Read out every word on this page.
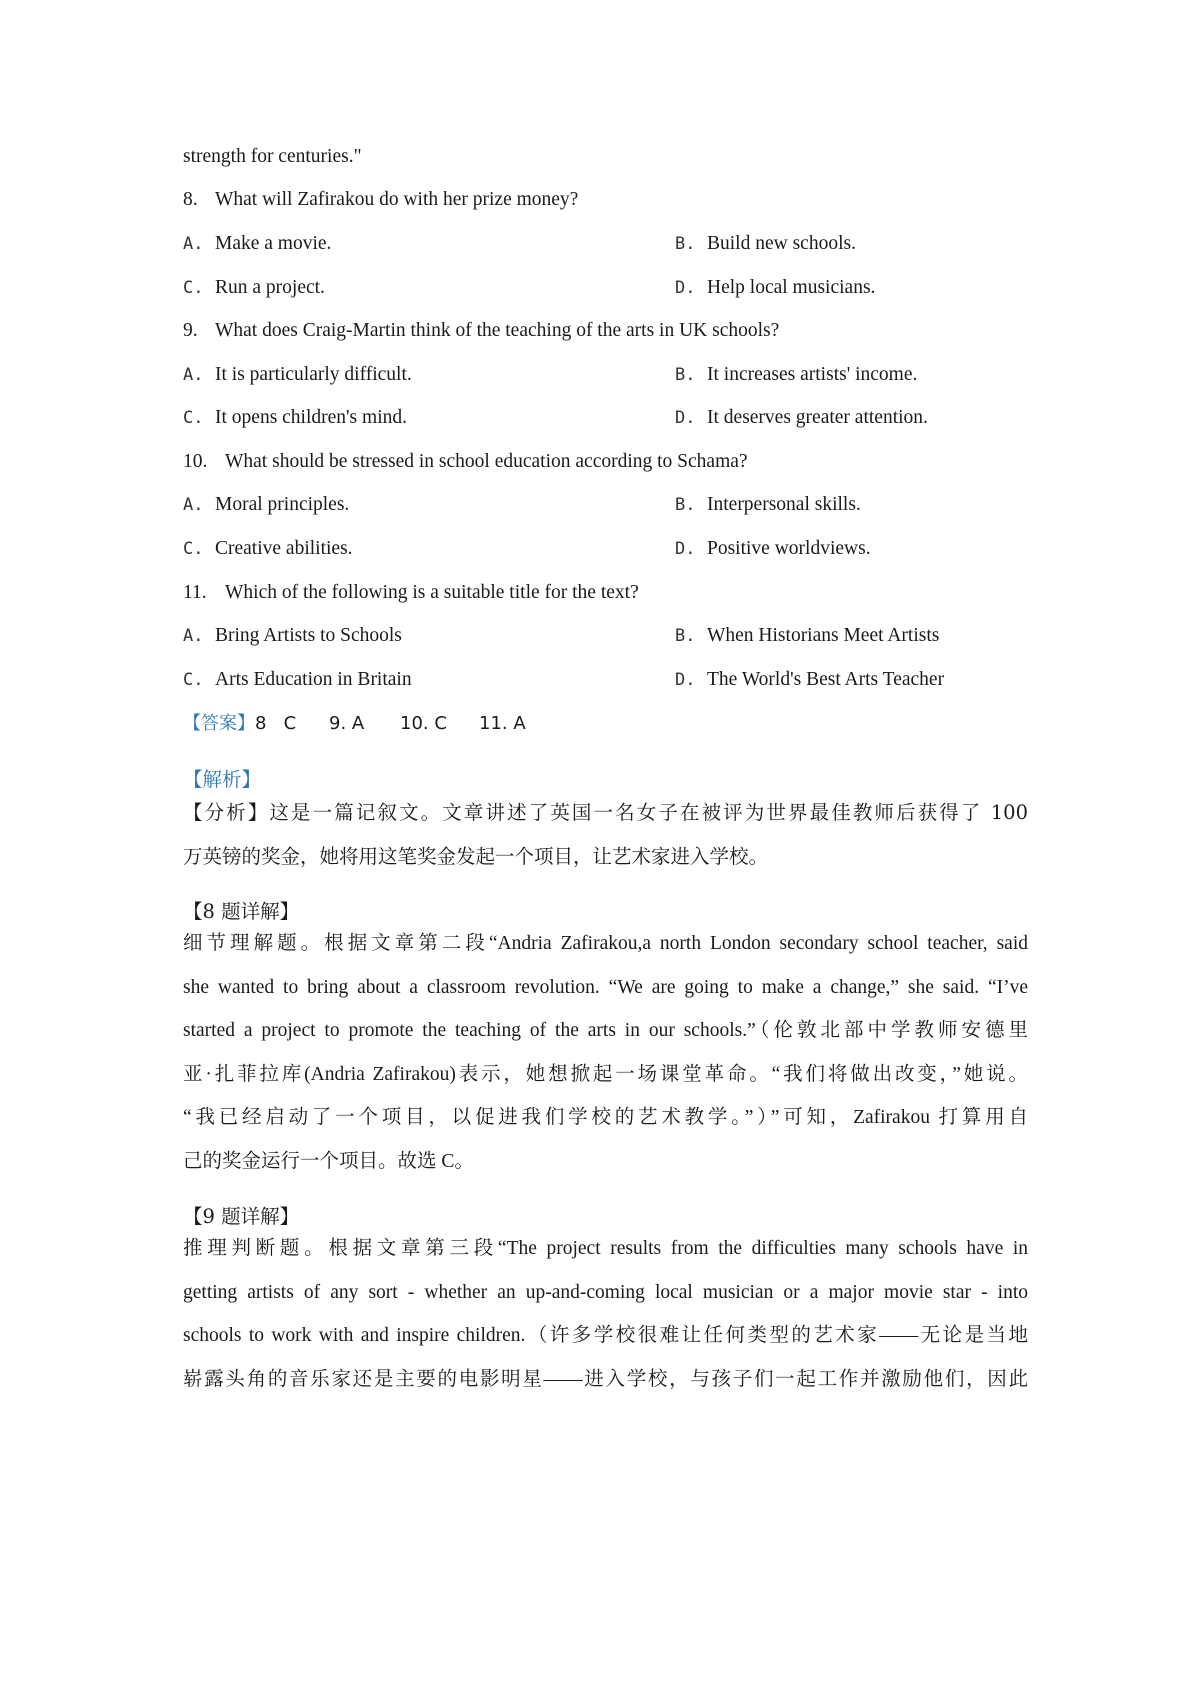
strength for centuries."
8. What will Zafirakou do with her prize money?
A. Make a movie.	B. Build new schools.
C. Run a project.	D. Help local musicians.
9. What does Craig-Martin think of the teaching of the arts in UK schools?
A. It is particularly difficult.	B. It increases artists' income.
C. It opens children's mind.	D. It deserves greater attention.
10. What should be stressed in school education according to Schama?
A. Moral principles.	B. Interpersonal skills.
C. Creative abilities.	D. Positive worldviews.
11. Which of the following is a suitable title for the text?
A. Bring Artists to Schools	B. When Historians Meet Artists
C. Arts Education in Britain	D. The World's Best Arts Teacher
【答案】8   C 9. A 10. C 11. A
【解析】
【分析】这是一篇记叙文。文章讲述了英国一名女子在被评为世界最佳教师后获得了 100
万英镑的奖金，她将用这笔奖金发起一个项目，让艺术家进入学校。
【8 题详解】
细节理解题。根据文章第二段“Andria Zafirakou,a north London secondary school teacher, said
she wanted to bring about a classroom revolution. “We are going to make a change,” she said. “I’ve
started a project to promote the teaching of the arts in our schools.”（伦敦北部中学教师安德里
亚·扎菲拉库(Andria Zafirakou)表示，她想掀起一场课堂革命。“我们将做出改变，”她说。
“我已经启动了一个项目，以促进我们学校的艺术教学。”）”可知，Zafirakou 打算用自
己的奖金运行一个项目。故选 C。
【9 题详解】
推理判断题。根据文章第三段“The project results from the difficulties many schools have in
getting artists of any sort - whether an up-and-coming local musician or a major movie star - into
schools to work with and inspire children.（许多学校很难让任何类型的艺术家——无论是当地
崭露头角的音乐家还是主要的电影明星——进入学校，与孩子们一起工作并激励他们，因此
